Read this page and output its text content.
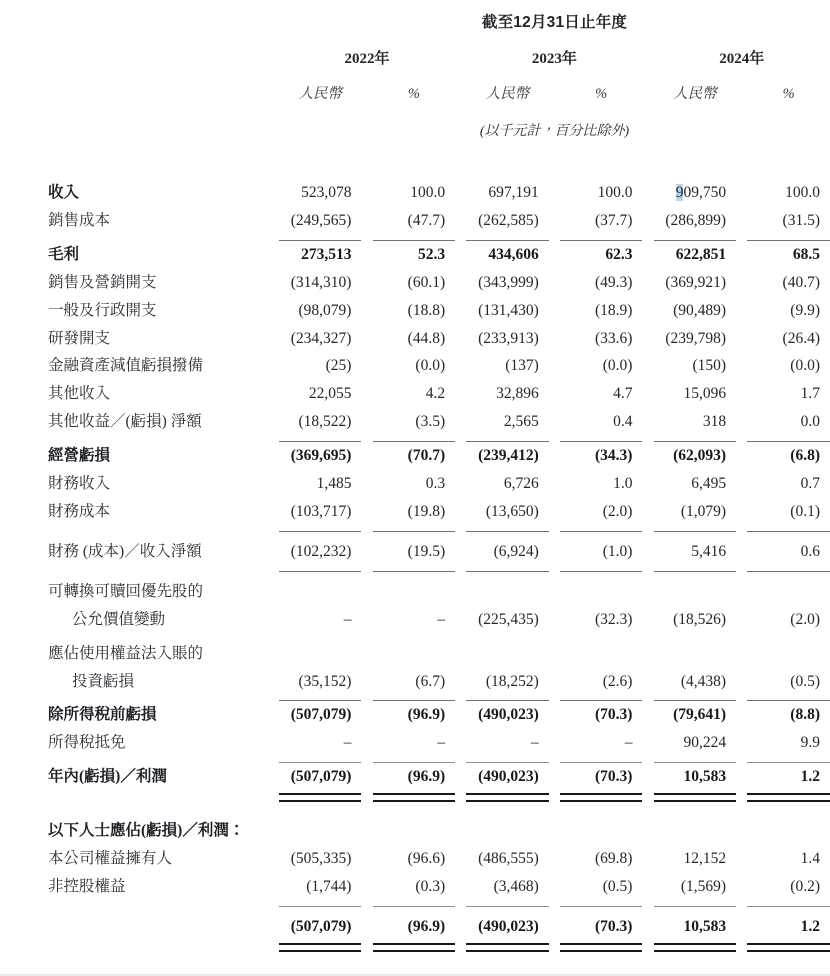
	截至12月31日止年度										

	2022年				2023年				2024年		

	人民幣		%		人民幣		%		人民幣		%

	(以千元計，百分比除外)										

收入	523,078		100.0		697,191		100.0		909,750		100.0
銷售成本	(249,565)		(47.7)		(262,585)		(37.7)		(286,899)		(31.5)

毛利	273,513		52.3		434,606		62.3		622,851		68.5
銷售及營銷開支	(314,310)		(60.1)		(343,999)		(49.3)		(369,921)		(40.7)
一般及行政開支	(98,079)		(18.8)		(131,430)		(18.9)		(90,489)		(9.9)
研發開支	(234,327)		(44.8)		(233,913)		(33.6)		(239,798)		(26.4)
金融資產減值虧損撥備	(25)		(0.0)		(137)		(0.0)		(150)		(0.0)
其他收入	22,055		4.2		32,896		4.7		15,096		1.7
其他收益／(虧損) 淨額	(18,522)		(3.5)		2,565		0.4		318		0.0

經營虧損	(369,695)		(70.7)		(239,412)		(34.3)		(62,093)		(6.8)
財務收入	1,485		0.3		6,726		1.0		6,495		0.7
財務成本	(103,717)		(19.8)		(13,650)		(2.0)		(1,079)		(0.1)

財務 (成本)／收入淨額	(102,232)		(19.5)		(6,924)		(1.0)		5,416		0.6

可轉換可贖回優先股的											
公允價值變動	–		–		(225,435)		(32.3)		(18,526)		(2.0)
應佔使用權益法入賬的											
投資虧損	(35,152)		(6.7)		(18,252)		(2.6)		(4,438)		(0.5)

除所得稅前虧損	(507,079)		(96.9)		(490,023)		(70.3)		(79,641)		(8.8)
所得稅抵免	–		–		–		–		90,224		9.9

年內(虧損)／利潤	(507,079)		(96.9)		(490,023)		(70.3)		10,583		1.2

以下人士應佔(虧損)／利潤：											
本公司權益擁有人	(505,335)		(96.6)		(486,555)		(69.8)		12,152		1.4
非控股權益	(1,744)		(0.3)		(3,468)		(0.5)		(1,569)		(0.2)

	(507,079)		(96.9)		(490,023)		(70.3)		10,583		1.2
